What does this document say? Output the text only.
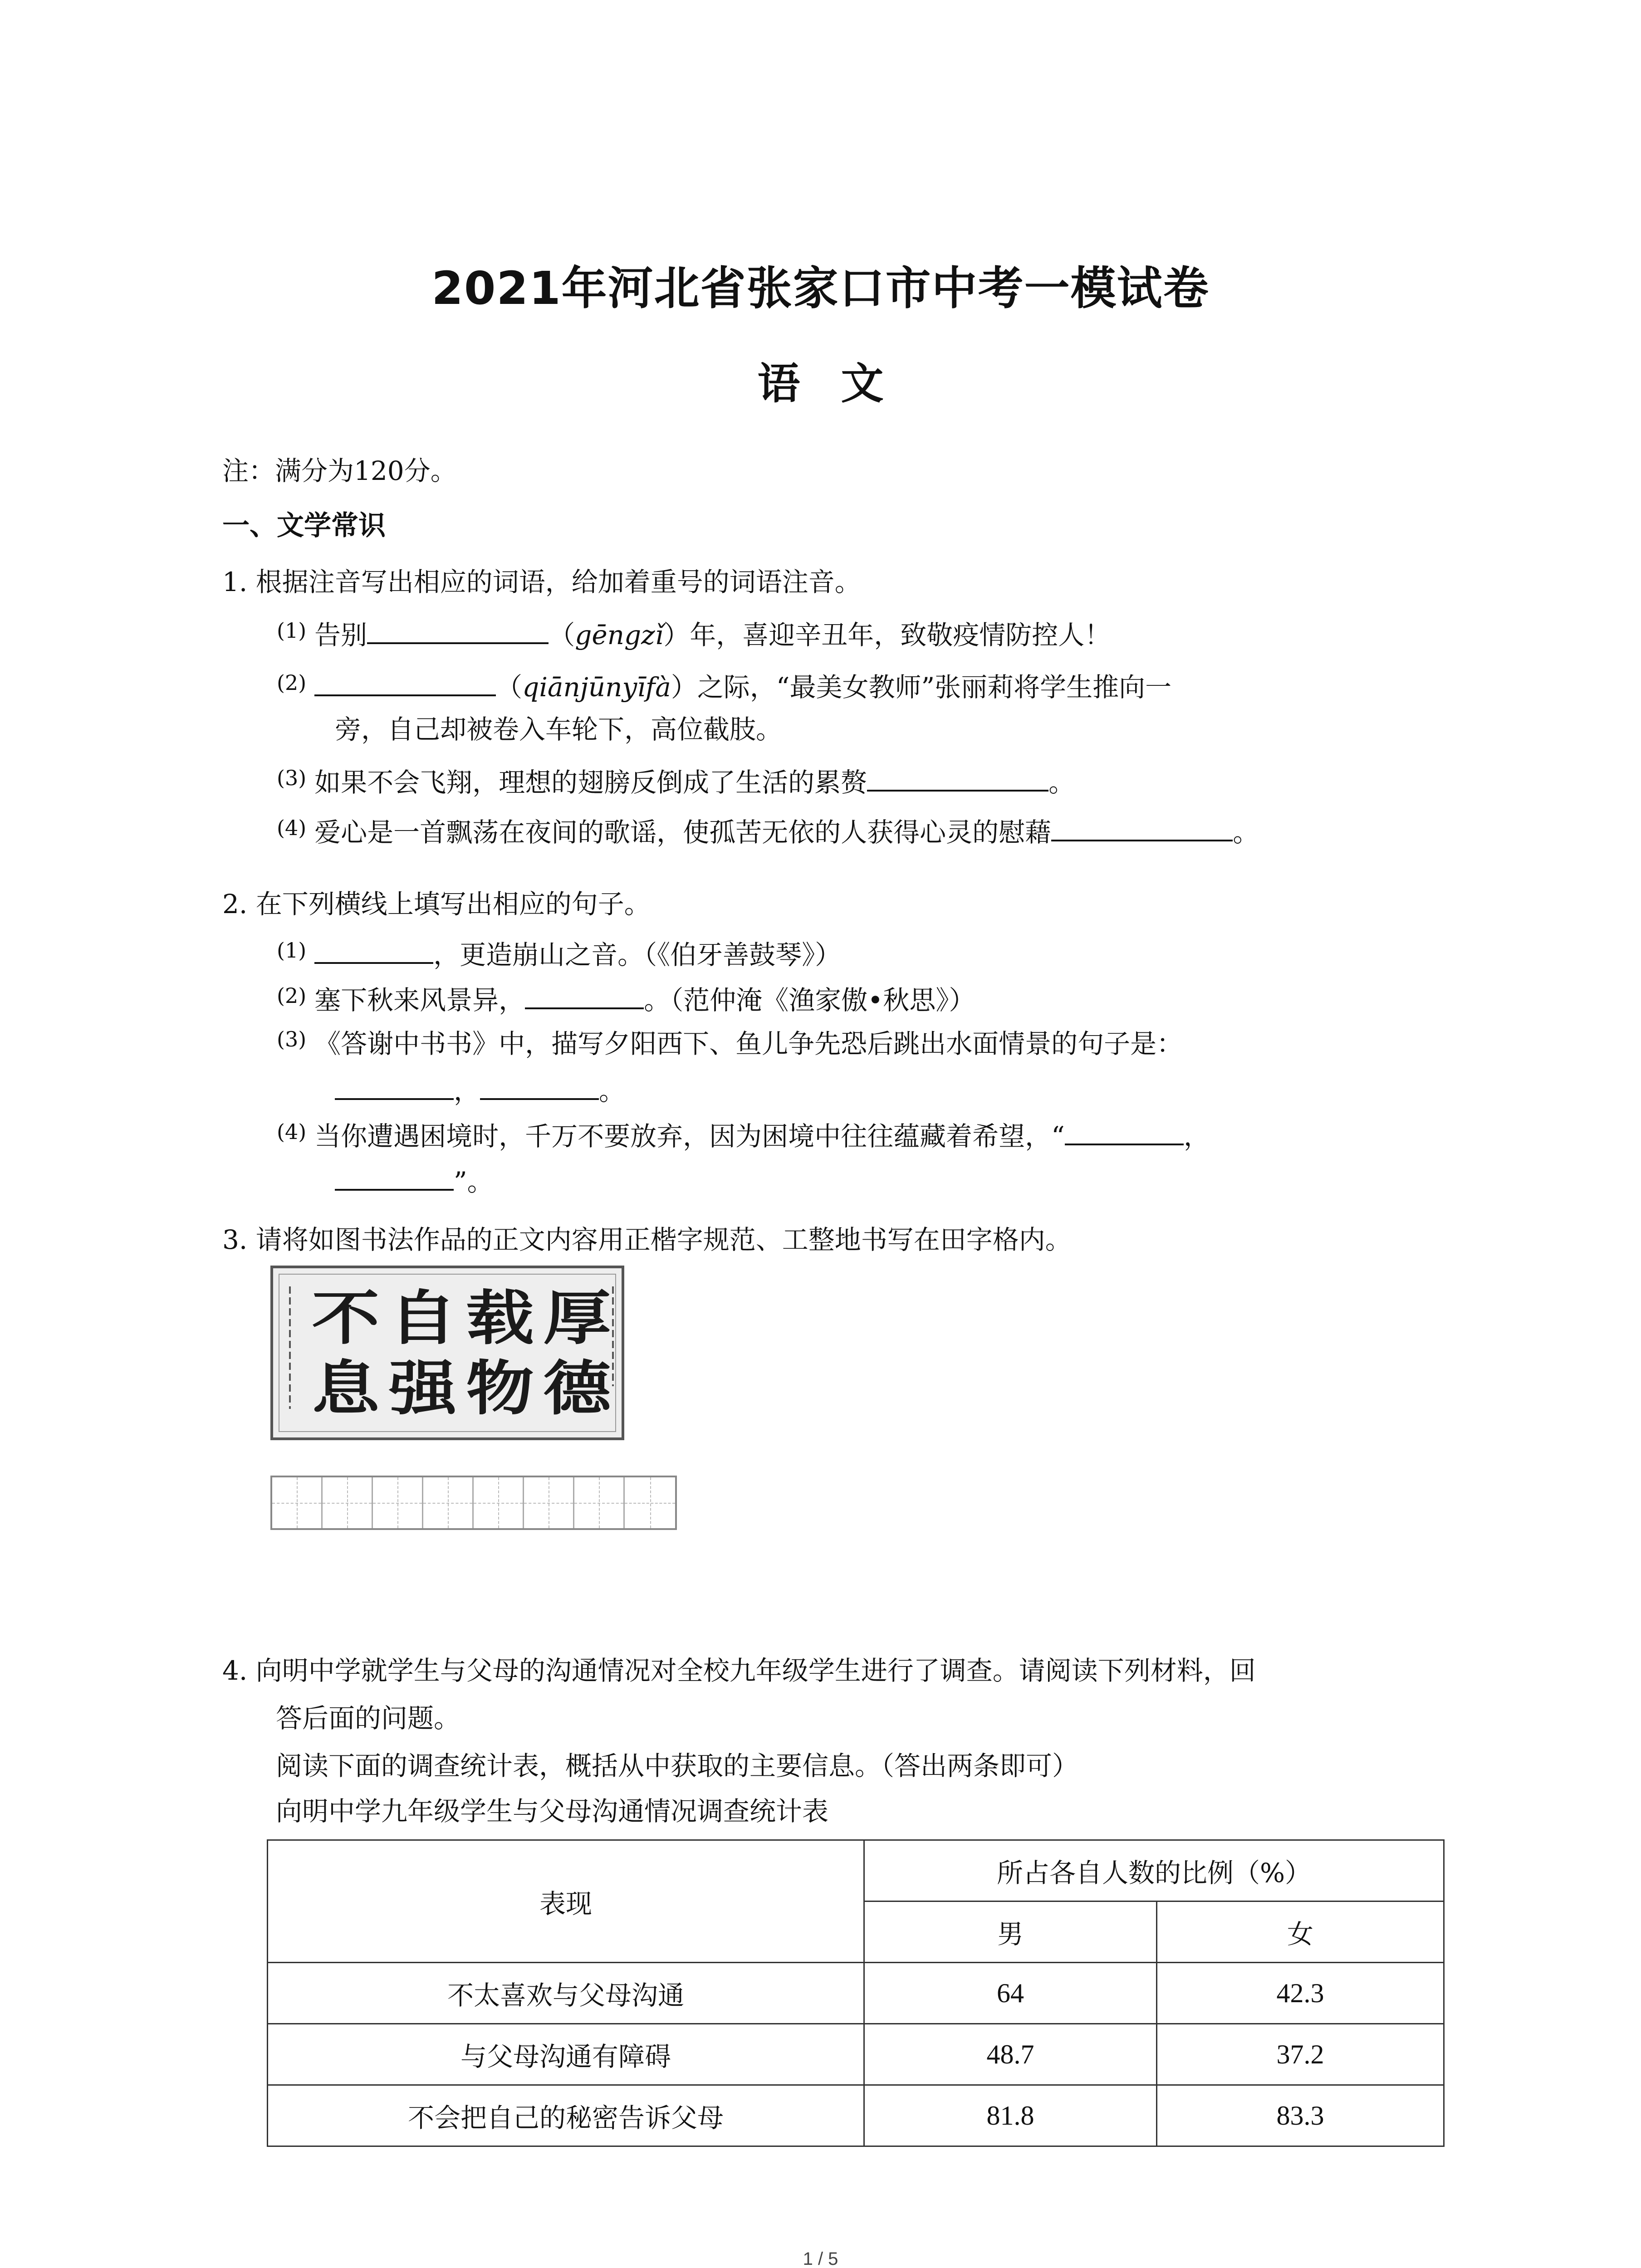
2021年河北省张家口市中考一模试卷
语文
注：满分为120分。
一、文学常识
1. 根据注音写出相应的词语，给加着重号的词语注音。
$^{(1)}$ 告别	（gēngzǐ）年，喜迎辛丑年，致敬疫情防控人！
$^{(2)}$	（qiānjūnyīfà）之际，“最美女教师”张丽莉将学生推向一
旁，自己却被卷入车轮下，高位截肢。
$^{(3)}$ 如果不会飞翔，理想的翅膀反倒成了生活的累赘	。
$^{(4)}$ 爱心是一首飘荡在夜间的歌谣，使孤苦无依的人获得心灵的慰藉	。
2. 在下列横线上填写出相应的句子。
$^{(1)}$	，更造崩山之音。（《伯牙善鼓琴》）
$^{(2)}$ 塞下秋来风景异，	。（范仲淹《渔家傲•秋思》）
$^{(3)}$ 《答谢中书书》中，描写夕阳西下、鱼儿争先恐后跳出水面情景的句子是：
，	。
$^{(4)}$ 当你遭遇困境时，千万不要放弃，因为困境中往往蕴藏着希望，“	，
”。
3. 请将如图书法作品的正文内容用正楷字规范、工整地书写在田字格内。
厚
德
载
物
自
强
不
息
4. 向明中学就学生与父母的沟通情况对全校九年级学生进行了调查。请阅读下列材料，回
答后面的问题。
阅读下面的调查统计表，概括从中获取的主要信息。（答出两条即可）
向明中学九年级学生与父母沟通情况调查统计表
表现	所占各自人数的比例（%）	
	男	女
不太喜欢与父母沟通	64	42.3
与父母沟通有障碍	48.7	37.2
不会把自己的秘密告诉父母	81.8	83.3
1 / 5
